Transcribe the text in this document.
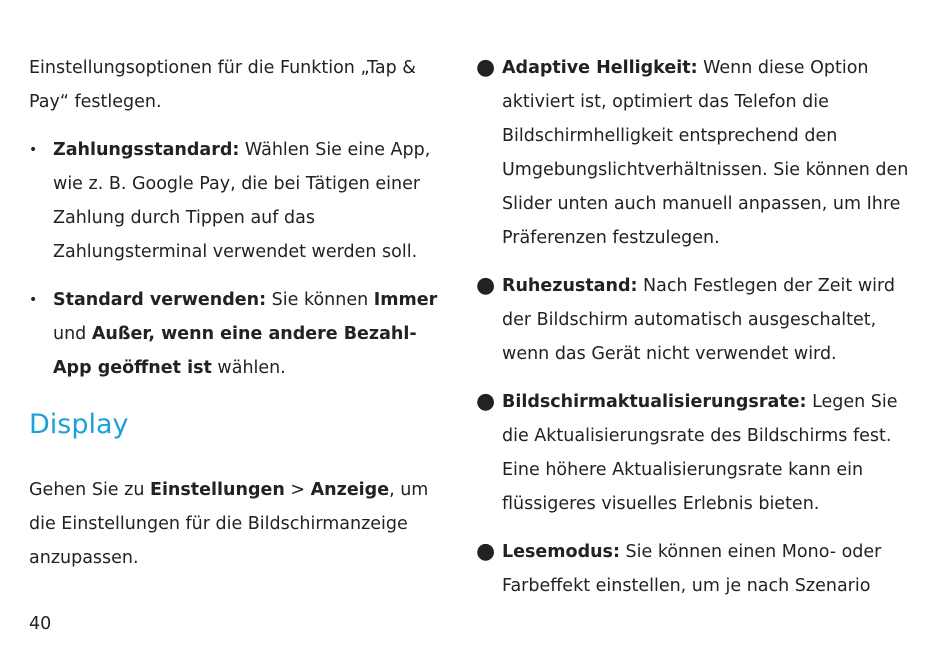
Einstellungsoptionen für die Funktion „Tap & Pay“ festlegen.

• Zahlungsstandard: Wählen Sie eine App, wie z. B. Google Pay, die bei Tätigen einer Zahlung durch Tippen auf das Zahlungsterminal verwendet werden soll.
• Standard verwenden: Sie können Immer und Außer, wenn eine andere Bezahl-App geöffnet ist wählen.
Display

Gehen Sie zu Einstellungen > Anzeige, um die Einstellungen für die Bildschirmanzeige anzupassen.

● Adaptive Helligkeit: Wenn diese Option aktiviert ist, optimiert das Telefon die Bildschirmhelligkeit entsprechend den Umgebungslichtverhältnissen. Sie können den Slider unten auch manuell anpassen, um Ihre Präferenzen festzulegen.
● Ruhezustand: Nach Festlegen der Zeit wird der Bildschirm automatisch ausgeschaltet, wenn das Gerät nicht verwendet wird.
● Bildschirmaktualisierungsrate: Legen Sie die Aktualisierungsrate des Bildschirms fest. Eine höhere Aktualisierungsrate kann ein flüssigeres visuelles Erlebnis bieten.
● Lesemodus: Sie können einen Mono- oder Farbeffekt einstellen, um je nach Szenario
40
